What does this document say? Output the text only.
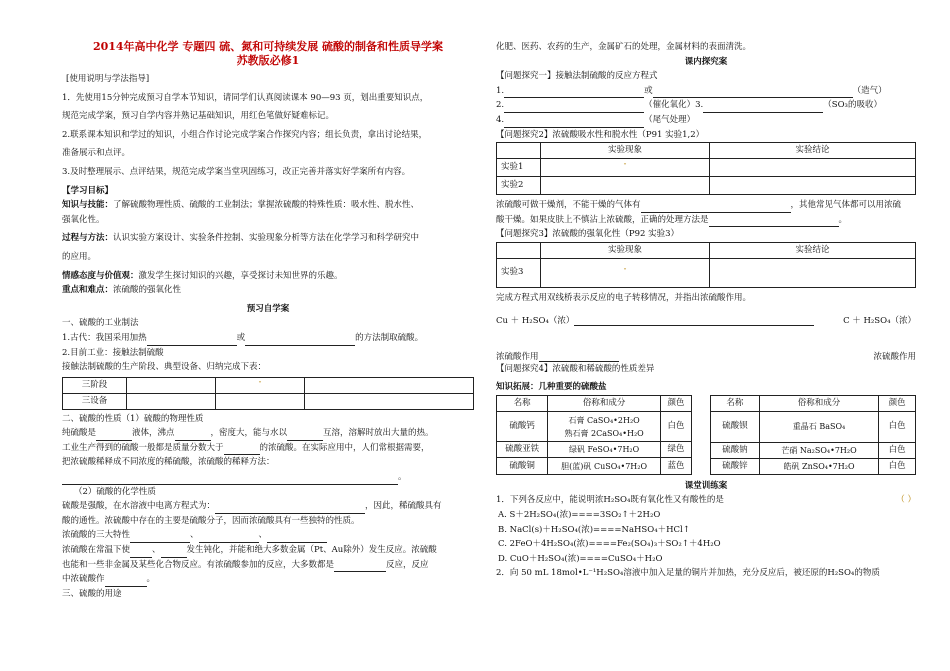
2014年高中化学 专题四 硫、氮和可持续发展 硫酸的制备和性质导学案
苏教版必修1

[使用说明与学法指导]

1．先使用15分钟完成预习自学本节知识，请同学们认真阅读课本 90—93 页，划出重要知识点，

规范完成学案，预习自学内容并熟记基础知识，用红色笔做好疑难标记。

2.联系课本知识和学过的知识，小组合作讨论完成学案合作探究内容；组长负责，拿出讨论结果，

准备展示和点评。

3.及时整理展示、点评结果，规范完成学案当堂巩固练习，改正完善并落实好学案所有内容。

【学习目标】

知识与技能：了解硫酸物理性质、硫酸的工业制法；掌握浓硫酸的特殊性质：吸水性、脱水性、

强氧化性。

过程与方法：认识实验方案设计、实验条件控制、实验现象分析等方法在化学学习和科学研究中

的应用。

情感态度与价值观：激发学生探讨知识的兴趣，享受探讨未知世界的乐趣。

重点和难点：浓硫酸的强氧化性

预习自学案

一、硫酸的工业制法

1.古代：我国采用加热	或	的方法制取硫酸。

2.目前工业：接触法制硫酸

接触法制硫酸的生产阶段、典型设备、归纳完成下表：

三阶段		ˇ	
三设备			

二、硫酸的性质（1）硫酸的物理性质

纯硫酸是	液体，沸点	，密度大，能与水以	互溶，溶解时放出大量的热。

工业生产得到的硫酸一般都是质量分数大于	的浓硫酸。在实际应用中，人们常根据需要，

把浓硫酸稀释成不同浓度的稀硫酸，浓硫酸的稀释方法：

。

（2）硫酸的化学性质

硫酸是强酸，在水溶液中电离方程式为：	，因此，稀硫酸具有

酸的通性。浓硫酸中存在的主要是硫酸分子，因而浓硫酸具有一些独特的性质。

浓硫酸的三大特性	、	、

浓硫酸在常温下使	、	发生钝化，并能和绝大多数金属（Pt、Au除外）发生反应。浓硫酸

也能和一些非金属及某些化合物反应。有浓硫酸参加的反应，大多数都是	反应，反应

中浓硫酸作	。

三、硫酸的用途

化肥、医药、农药的生产，金属矿石的处理，金属材料的表面清洗。

课内探究案

【问题探究一】接触法制硫酸的反应方程式

1.	或	（造气）

2.	（催化氧化）3.	（SO₃的吸收）

4.	（尾气处理）

【问题探究2】浓硫酸吸水性和脱水性（P91 实验1,2）

	实验现象	实验结论
实验1	ˇ	
实验2		

浓硫酸可做干燥剂，不能干燥的气体有	，其他常见气体都可以用浓硫

酸干燥。如果皮肤上不慎沾上浓硫酸，正确的处理方法是	。

【问题探究3】浓硫酸的强氧化性（P92 实验3）

	实验现象	实验结论
实验3	ˇ	

完成方程式用双线桥表示反应的电子转移情况，并指出浓硫酸作用。

Cu ＋ H₂SO₄（浓）	C ＋ H₂SO₄（浓）
浓硫酸作用	浓硫酸作用

【问题探究4】浓硫酸和稀硫酸的性质差异

知识拓展：几种重要的硫酸盐

名称	俗称和成分	颜色
硫酸钙	石膏 CaSO₄•2H₂O
熟石膏 2CaSO₄•H₂O	白色
硫酸亚铁	绿矾 FeSO₄•7H₂O	绿色
硫酸铜	胆(蓝)矾 CuSO₄•7H₂O	蓝色
名称	俗称和成分	颜色
硫酸钡	重晶石 BaSO₄	白色
硫酸钠	芒硝 Na₂SO₄•7H₂O	白色
硫酸锌	皓矾 ZnSO₄•7H₂O	白色

课堂训练案

1．下列各反应中，能说明浓H₂SO₄既有氧化性又有酸性的是	（ ）

A. S＋2H₂SO₄(浓)====3SO₂↑＋2H₂O

B. NaCl(s)＋H₂SO₄(浓)====NaHSO₄＋HCl↑

C. 2FeO＋4H₂SO₄(浓)====Fe₂(SO₄)₃＋SO₂↑＋4H₂O

D. CuO＋H₂SO₄(浓)====CuSO₄＋H₂O

2．向 50 mL 18mol•L⁻¹H₂SO₄溶液中加入足量的铜片并加热，充分反应后，被还原的H₂SO₄的物质
